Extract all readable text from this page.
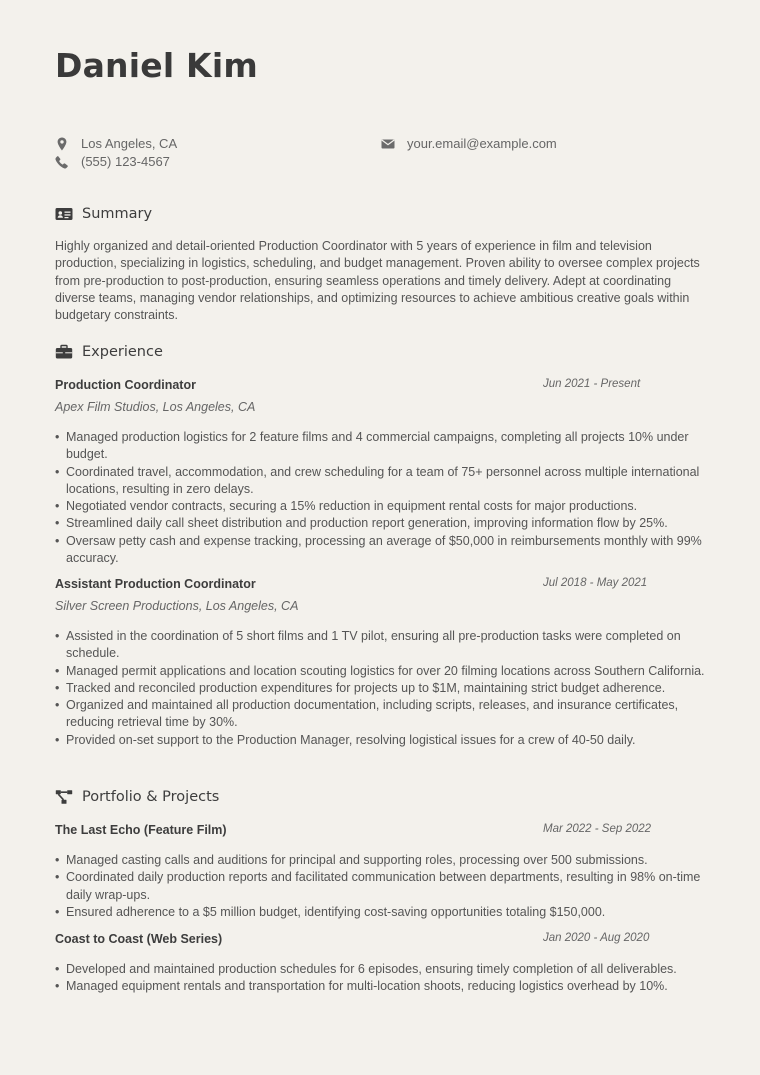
Daniel Kim
Los Angeles, CA
(555) 123-4567
your.email@example.com
Summary

Highly organized and detail-oriented Production Coordinator with 5 years of experience in film and television production, specializing in logistics, scheduling, and budget management. Proven ability to oversee complex projects from pre-production to post-production, ensuring seamless operations and timely delivery. Adept at coordinating diverse teams, managing vendor relationships, and optimizing resources to achieve ambitious creative goals within budgetary constraints.

Experience
Production Coordinator	Jun 2021 - Present
Apex Film Studios, Los Angeles, CA
• Managed production logistics for 2 feature films and 4 commercial campaigns, completing all projects 10% under budget.
• Coordinated travel, accommodation, and crew scheduling for a team of 75+ personnel across multiple international locations, resulting in zero delays.
• Negotiated vendor contracts, securing a 15% reduction in equipment rental costs for major productions.
• Streamlined daily call sheet distribution and production report generation, improving information flow by 25%.
• Oversaw petty cash and expense tracking, processing an average of $50,000 in reimbursements monthly with 99% accuracy.
Assistant Production Coordinator	Jul 2018 - May 2021
Silver Screen Productions, Los Angeles, CA
• Assisted in the coordination of 5 short films and 1 TV pilot, ensuring all pre-production tasks were completed on schedule.
• Managed permit applications and location scouting logistics for over 20 filming locations across Southern California.
• Tracked and reconciled production expenditures for projects up to $1M, maintaining strict budget adherence.
• Organized and maintained all production documentation, including scripts, releases, and insurance certificates, reducing retrieval time by 30%.
• Provided on-set support to the Production Manager, resolving logistical issues for a crew of 40-50 daily.
Portfolio & Projects
The Last Echo (Feature Film)	Mar 2022 - Sep 2022
• Managed casting calls and auditions for principal and supporting roles, processing over 500 submissions.
• Coordinated daily production reports and facilitated communication between departments, resulting in 98% on-time daily wrap-ups.
• Ensured adherence to a $5 million budget, identifying cost-saving opportunities totaling $150,000.
Coast to Coast (Web Series)	Jan 2020 - Aug 2020
• Developed and maintained production schedules for 6 episodes, ensuring timely completion of all deliverables.
• Managed equipment rentals and transportation for multi-location shoots, reducing logistics overhead by 10%.
